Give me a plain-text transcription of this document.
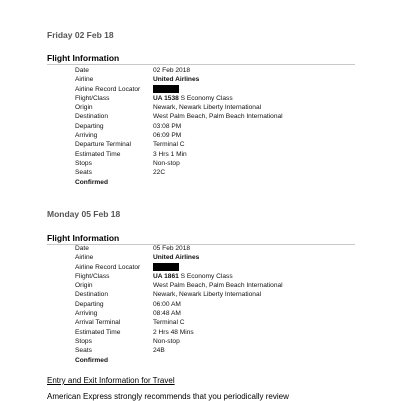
Friday 02 Feb 18
Flight Information
Date	02 Feb 2018
Airline	United Airlines
Airline Record Locator
Flight/Class	UA 1538 S Economy Class
Origin	Newark, Newark Liberty International
Destination	West Palm Beach, Palm Beach International
Departing	03:08 PM
Arriving	06:09 PM
Departure Terminal	Terminal C
Estimated Time	3 Hrs 1 Min
Stops	Non-stop
Seats	22C
Confirmed
Monday 05 Feb 18
Flight Information
Date	05 Feb 2018
Airline	United Airlines
Airline Record Locator
Flight/Class	UA 1861 S Economy Class
Origin	West Palm Beach, Palm Beach International
Destination	Newark, Newark Liberty International
Departing	06:00 AM
Arriving	08:48 AM
Arrival Terminal	Terminal C
Estimated Time	2 Hrs 48 Mins
Stops	Non-stop
Seats	24B
Confirmed
Entry and Exit Information for Travel
American Express strongly recommends that you periodically review
